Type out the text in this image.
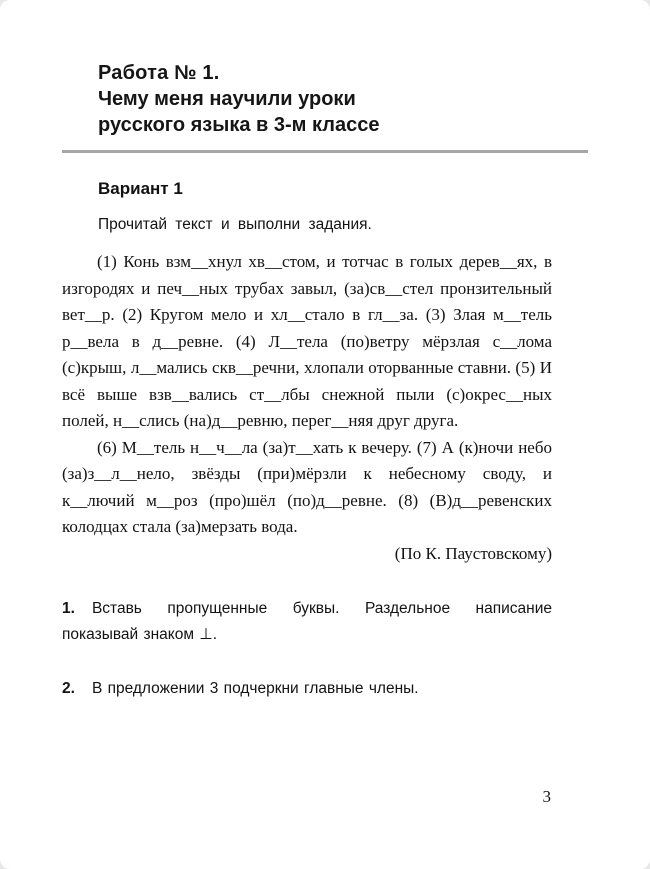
Работа № 1.
Чему меня научили уроки
русского языка в 3-м классе
Вариант 1

Прочитай текст и выполни задания.

(1) Конь взм__хнул хв__стом, и тотчас в голых дерев__ях, в изгородях и печ__ных трубах завыл, (за)св__стел пронзительный вет__р. (2) Кругом мело и хл__стало в гл__за. (3) Злая м__тель р__вела в д__ревне. (4) Л__тела (по)ветру мёрзлая с__лома (с)крыш, л__мались скв__речни, хлопали оторванные ставни. (5) И всё выше взв__вались ст__лбы снежной пыли (с)окрес__ных полей, н__слись (на)д__ревню, перег__няя друг друга.

(6) М__тель н__ч__ла (за)т__хать к вечеру. (7) А (к)ночи небо (за)з__л__нело, звёзды (при)мёрзли к небесному своду, и к__лючий м__роз (про)шёл (по)д__ревне. (8) (В)д__ревенских колодцах стала (за)мерзать вода.

(По К. Паустовскому)

1. Вставь пропущенные буквы. Раздельное написание показывай знаком ⊥.

2. В предложении 3 подчеркни главные члены.

3
